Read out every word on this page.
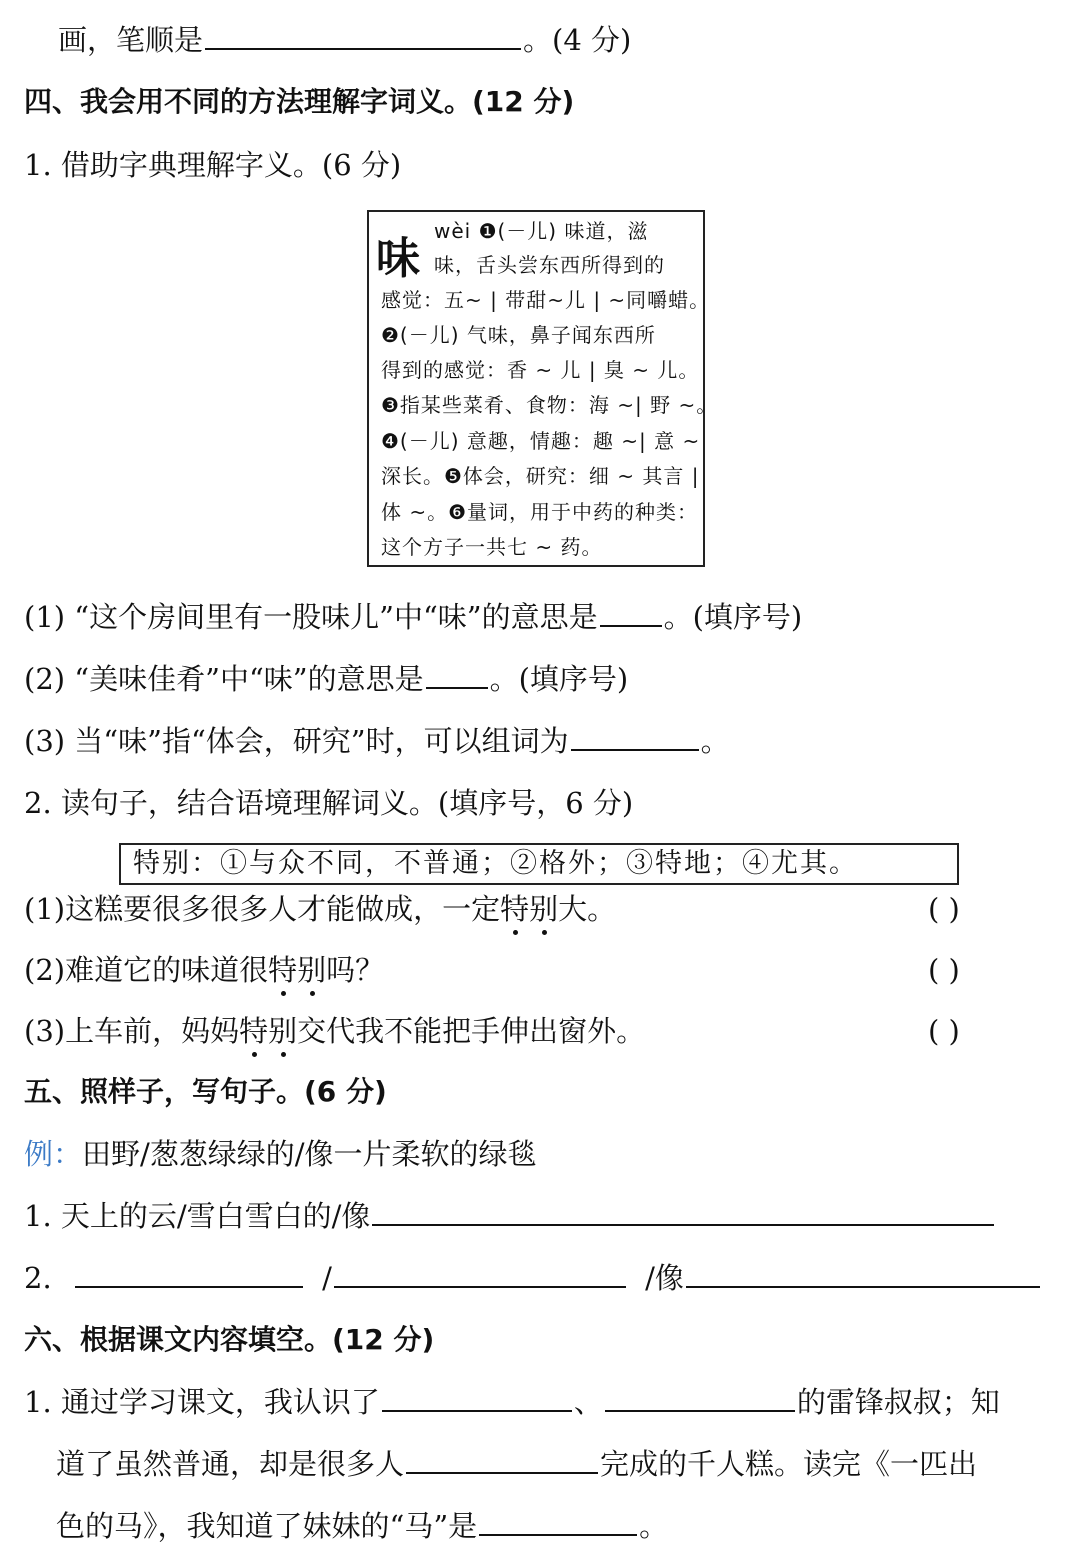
画，笔顺是	。(4 分)
四、我会用不同的方法理解字词义。(12 分)
1. 借助字典理解字义。(6 分)
味
wèi ❶(－儿) 味道，滋
味，舌头尝东西所得到的
感觉：五~ | 带甜~儿 | ~同嚼蜡。
❷(－儿) 气味，鼻子闻东西所
得到的感觉：香 ~ 儿 | 臭 ~ 儿。
❸指某些菜肴、食物：海 ~| 野 ~。
❹(－儿) 意趣，情趣：趣 ~| 意 ~
深长。❺体会，研究：细 ~ 其言 |
体 ~。❻量词，用于中药的种类：
这个方子一共七 ~ 药。
(1) “这个房间里有一股味儿”中“味”的意思是 。(填序号)
(2) “美味佳肴”中“味”的意思是 。(填序号)
(3) 当“味”指“体会，研究”时，可以组词为	。
2. 读句子，结合语境理解词义。(填序号，6 分)
特别：①与众不同，不普通；②格外；③特地；④尤其。
(1)这糕要很多很多人才能做成，一定特别大。	( )
(2)难道它的味道很特别吗？	( )
(3)上车前，妈妈特别交代我不能把手伸出窗外。	( )
五、照样子，写句子。(6 分)
例：田野/葱葱绿绿的/像一片柔软的绿毯
1. 天上的云/雪白雪白的/像
2.	/	/像
六、根据课文内容填空。(12 分)
1. 通过学习课文，我认识了	、	的雷锋叔叔；知
道了虽然普通，却是很多人	完成的千人糕。读完《一匹出
色的马》，我知道了妹妹的“马”是	。
